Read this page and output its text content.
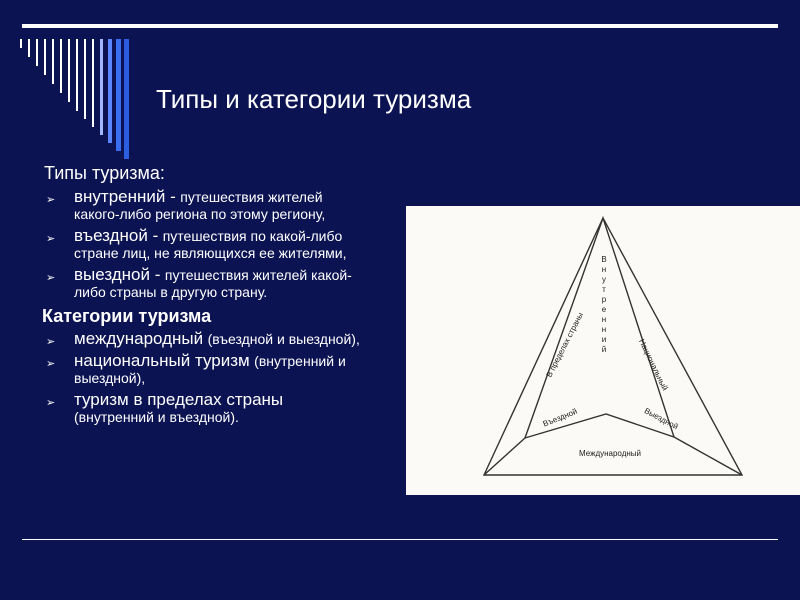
Типы и категории туризма
Типы туризма:
➢ внутренний - путешествия жителей какого-либо региона по этому региону,
➢ въездной - путешествия по какой-либо стране лиц, не являющихся ее жителями,
➢ выездной - путешествия жителей какой-либо страны в другую страну.
Категории туризма
➢ международный (въездной и выездной),
➢ национальный туризм (внутренний и выездной),
➢ туризм в пределах страны (внутренний и въездной).
В н у т р е н н и й
В пределах страны	Национальный
Въездной	Выездной
Международный
